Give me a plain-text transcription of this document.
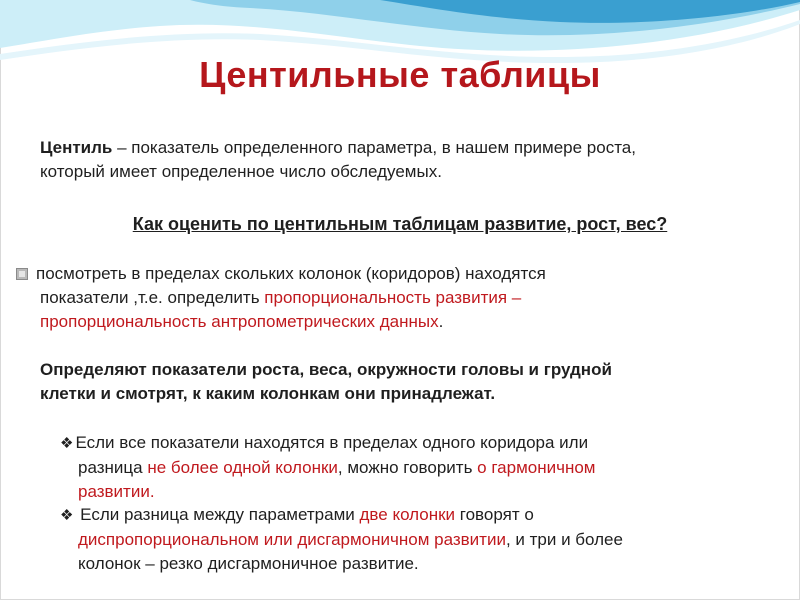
Центильные таблицы
Центиль – показатель определенного параметра, в нашем примере роста,
который имеет определенное число обследуемых.
Как оценить по центильным таблицам развитие, рост, вес?
посмотреть в пределах скольких колонок (коридоров) находятся
показатели ,т.е. определить пропорциональность развития –
пропорциональность антропометрических данных.
Определяют показатели роста, веса, окружности головы и грудной
клетки и смотрят, к каким колонкам они принадлежат.
❖ Если все показатели находятся в пределах одного коридора или
разница не более одной колонки, можно говорить о гармоничном
развитии.
❖ Если разница между параметрами две колонки говорят о
диспропорциональном или дисгармоничном развитии, и три и более
колонок – резко дисгармоничное развитие.
